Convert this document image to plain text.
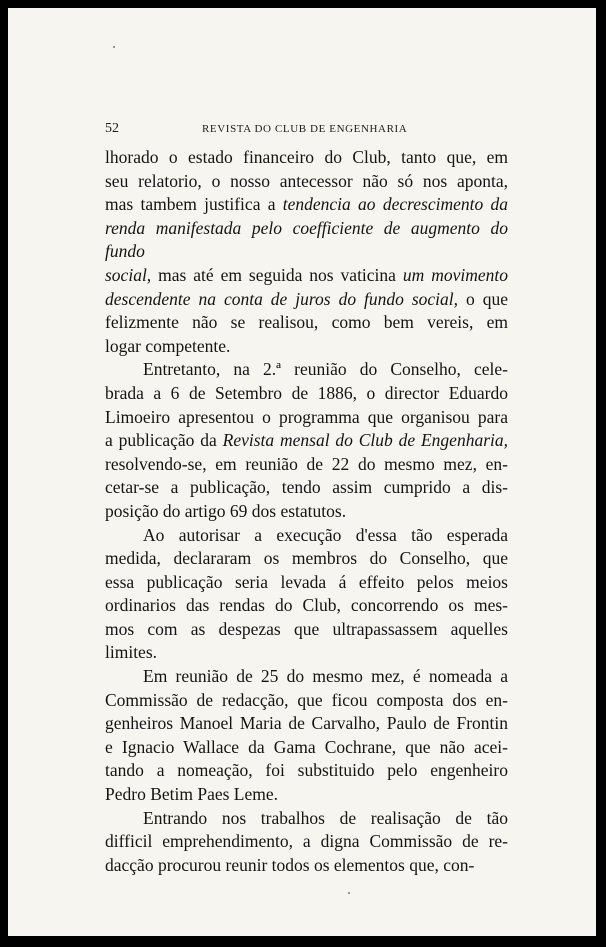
52	REVISTA DO CLUB DE ENGENHARIA

lhorado o estado financeiro do Club, tanto que, em

seu relatorio, o nosso antecessor não só nos aponta,

mas tambem justifica a tendencia ao decrescimento da

renda manifestada pelo coefficiente de augmento do fundo

social, mas até em seguida nos vaticina um movimento

descendente na conta de juros do fundo social, o que

felizmente não se realisou, como bem vereis, em

logar competente.

Entretanto, na 2.ª reunião do Conselho, cele-

brada a 6 de Setembro de 1886, o director Eduardo

Limoeiro apresentou o programma que organisou para

a publicação da Revista mensal do Club de Engenharia,

resolvendo-se, em reunião de 22 do mesmo mez, en-

cetar-se a publicação, tendo assim cumprido a dis-

posição do artigo 69 dos estatutos.

Ao autorisar a execução d'essa tão esperada

medida, declararam os membros do Conselho, que

essa publicação seria levada á effeito pelos meios

ordinarios das rendas do Club, concorrendo os mes-

mos com as despezas que ultrapassassem aquelles

limites.

Em reunião de 25 do mesmo mez, é nomeada a

Commissão de redacção, que ficou composta dos en-

genheiros Manoel Maria de Carvalho, Paulo de Frontin

e Ignacio Wallace da Gama Cochrane, que não acei-

tando a nomeação, foi substituido pelo engenheiro

Pedro Betim Paes Leme.

Entrando nos trabalhos de realisação de tão

difficil emprehendimento, a digna Commissão de re-

dacção procurou reunir todos os elementos que, con-
